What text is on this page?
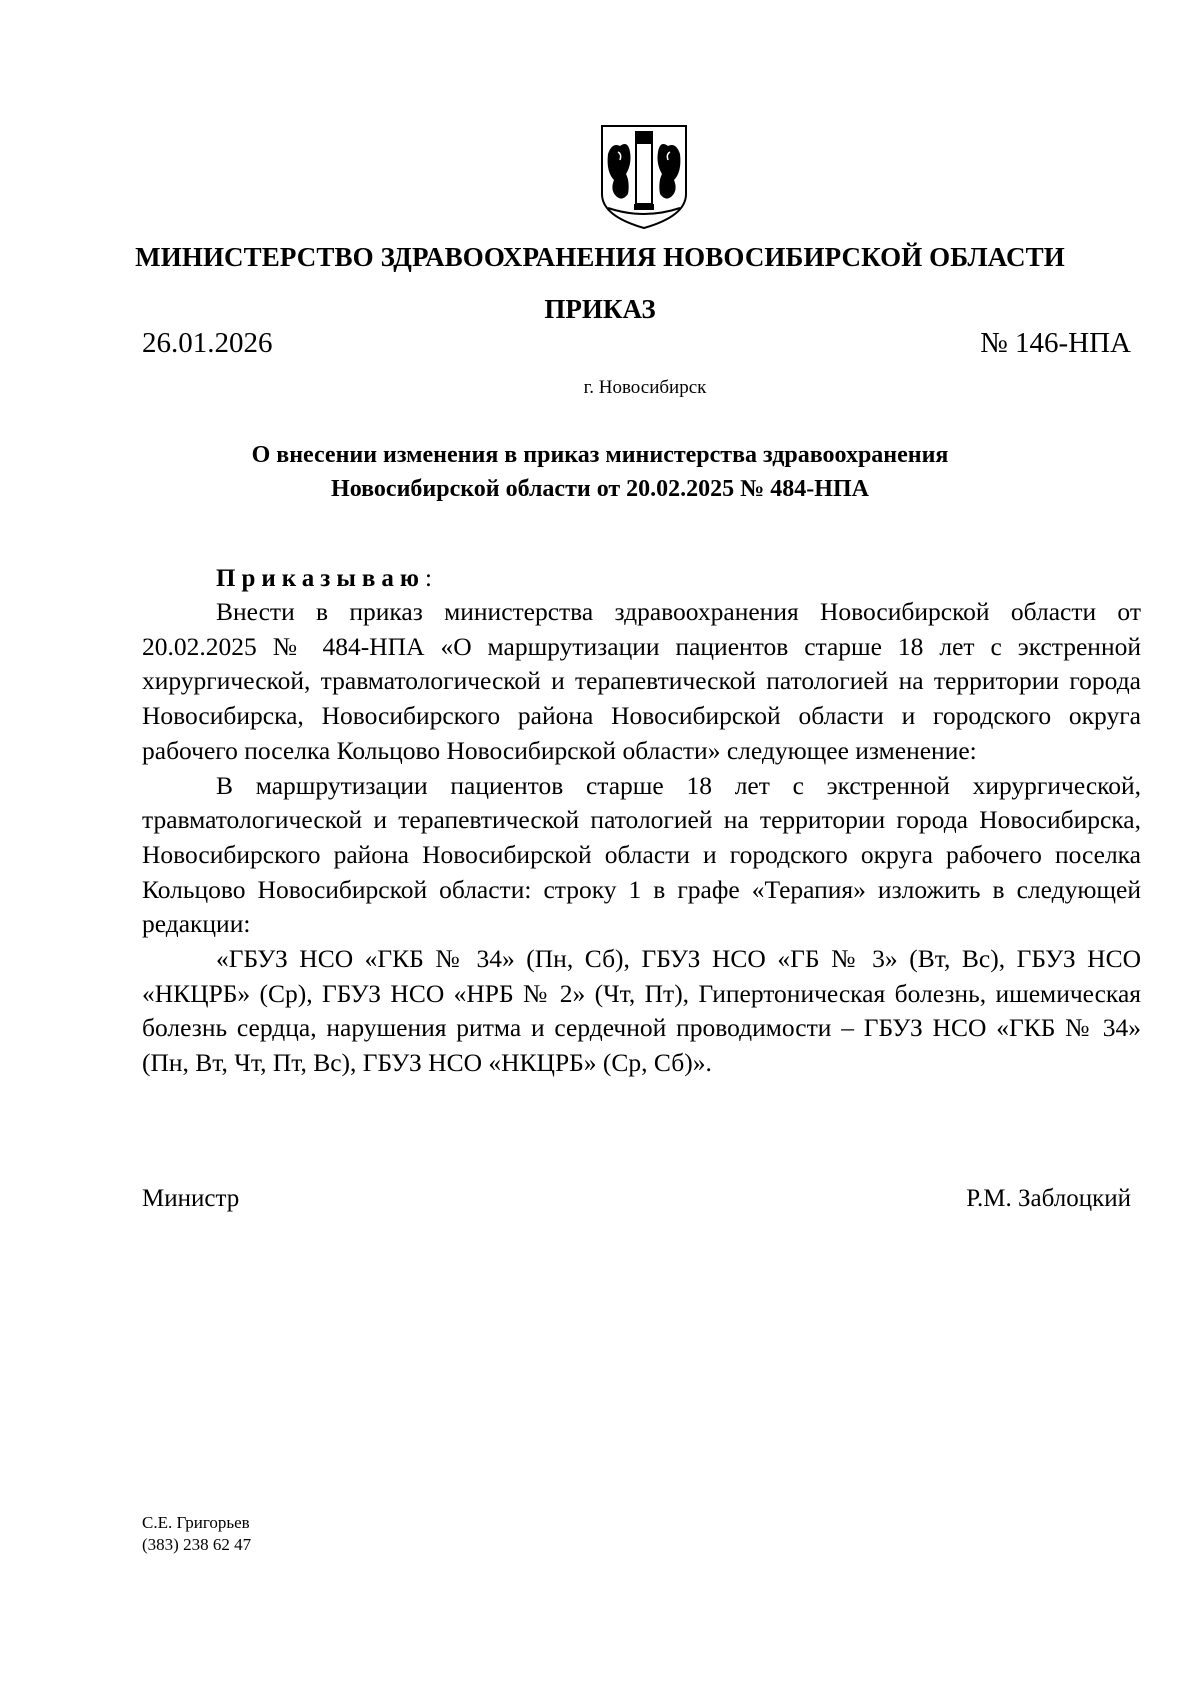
МИНИСТЕРСТВО ЗДРАВООХРАНЕНИЯ НОВОСИБИРСКОЙ ОБЛАСТИ
ПРИКАЗ
26.01.2026	№ 146-НПА
г. Новосибирск
О внесении изменения в приказ министерства здравоохранения
Новосибирской области от 20.02.2025 № 484-НПА
Приказываю:

Внести в приказ министерства здравоохранения Новосибирской области от 20.02.2025 № 484-НПА «О маршрутизации пациентов старше 18 лет с экстренной хирургической, травматологической и терапевтической патологией на территории города Новосибирска, Новосибирского района Новосибирской области и городского округа рабочего поселка Кольцово Новосибирской области» следующее изменение:

В маршрутизации пациентов старше 18 лет с экстренной хирургической, травматологической и терапевтической патологией на территории города Новосибирска, Новосибирского района Новосибирской области и городского округа рабочего поселка Кольцово Новосибирской области: строку 1 в графе «Терапия» изложить в следующей редакции:

«ГБУЗ НСО «ГКБ № 34» (Пн, Сб), ГБУЗ НСО «ГБ № 3» (Вт, Вс), ГБУЗ НСО «НКЦРБ» (Ср), ГБУЗ НСО «НРБ № 2» (Чт, Пт), Гипертоническая болезнь, ишемическая болезнь сердца, нарушения ритма и сердечной проводимости – ГБУЗ НСО «ГКБ № 34» (Пн, Вт, Чт, Пт, Вс), ГБУЗ НСО «НКЦРБ» (Ср, Сб)».

Министр	Р.М. Заблоцкий
С.Е. Григорьев
(383) 238 62 47
